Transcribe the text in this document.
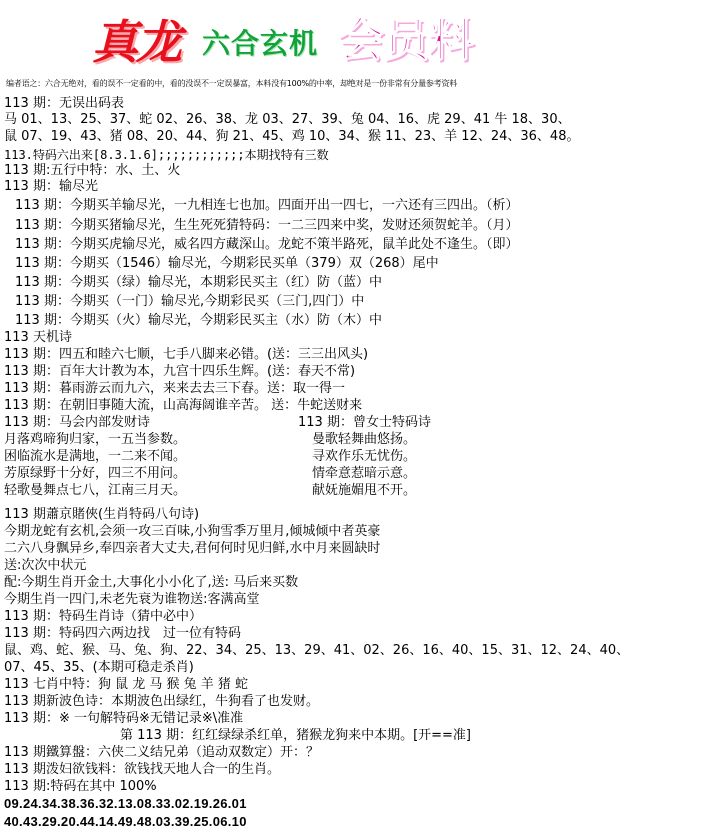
真龙 六合玄机 会员料
编者语之：六合无绝对，看的误不一定看的中，看的没误不一定误暴富，本料没有100%的中率，却绝对是一份非常有分量参考资料
113 期：无误出码表
马 01、13、25、37、蛇 02、26、38、龙 03、27、39、兔 04、16、虎 29、41 牛 18、30、
鼠 07、19、43、猪 08、20、44、狗 21、45、鸡 10、34、猴 11、23、羊 12、24、36、48。
113.特码六出来[8.3.1.6];;;;;;;;;;;;本期找特有三数
113 期:五行中特：水、土、火
113 期：输尽光
113 期：今期买羊输尽光，一九相连七也加。四面开出一四七，一六还有三四出。（析）
113 期：今期买猪输尽光，生生死死猜特码：一二三四来中奖，发财还须贺蛇羊。（月）
113 期：今期买虎输尽光，威名四方藏深山。龙蛇不策半路死，鼠羊此处不逢生。（即）
113 期：今期买（1546）输尽光，今期彩民买单（379）双（268）尾中
113 期：今期买（绿）输尽光，本期彩民买主（红）防（蓝）中
113 期：今期买（一门）输尽光,今期彩民买（三门,四门）中
113 期：今期买（火）输尽光，今期彩民买主（水）防（木）中
113 天机诗
113 期：四五和睦六七顺，七手八脚来必错。(送：三三出风头)
113 期：百年大计教为本，九宫十四乐生辉。(送：春天不常)
113 期：暮雨游云而九六，来来去去三下春。送：取一得一
113 期：在朝旧事随大流，山高海阔谁辛苦。 送：牛蛇送财来
113 期：马会内部发财诗
月落鸡啼狗归家，一五当参数。
困临流水是满地，一二来不闻。
芳原绿野十分好，四三不用问。
轻歌曼舞点七八，江南三月天。
113 期：曾女士特码诗
曼歌轻舞曲悠扬。
寻欢作乐无忧伤。
情牵意惹暗示意。
献妩施媚甩不开。
113 期蕭京賭俠(生肖特码八句诗)
今期龙蛇有玄机,会须一攻三百味,小狗雪季万里月,倾城倾中者英豪
二六八身飘异乡,奉四亲者大丈夫,君何何时见归鲜,水中月来圆缺时
送:次次中状元
配:今期生肖开金土,大事化小小化了,送: 马后来买数
今期生肖一四门,未老先衰为谁物送:客满高堂
113 期：特码生肖诗（猜中必中）
113 期：特码四六两边找　过一位有特码
鼠、鸡、蛇、猴、马、兔、狗、22、34、25、13、29、41、02、26、16、40、15、31、12、24、40、
07、45、35、(本期可稳走杀肖)
113 七肖中特：狗 鼠 龙 马 猴 兔 羊 猪 蛇
113 期新波色诗：本期波色出绿红，牛狗看了也发财。
113 期：※ 一句解特码※无错记录※\准准
第 113 期：红红绿绿杀红单，猪猴龙狗来中本期。[开==准]
113 期鐵算盤：六侠二义结兄弟（追动双数定）开：？
113 期泼妇欲钱料：欲钱找天地人合一的生肖。
113 期:特码在其中 100%
09.24.34.38.36.32.13.08.33.02.19.26.01
40.43.29.20.44.14.49.48.03.39.25.06.10
